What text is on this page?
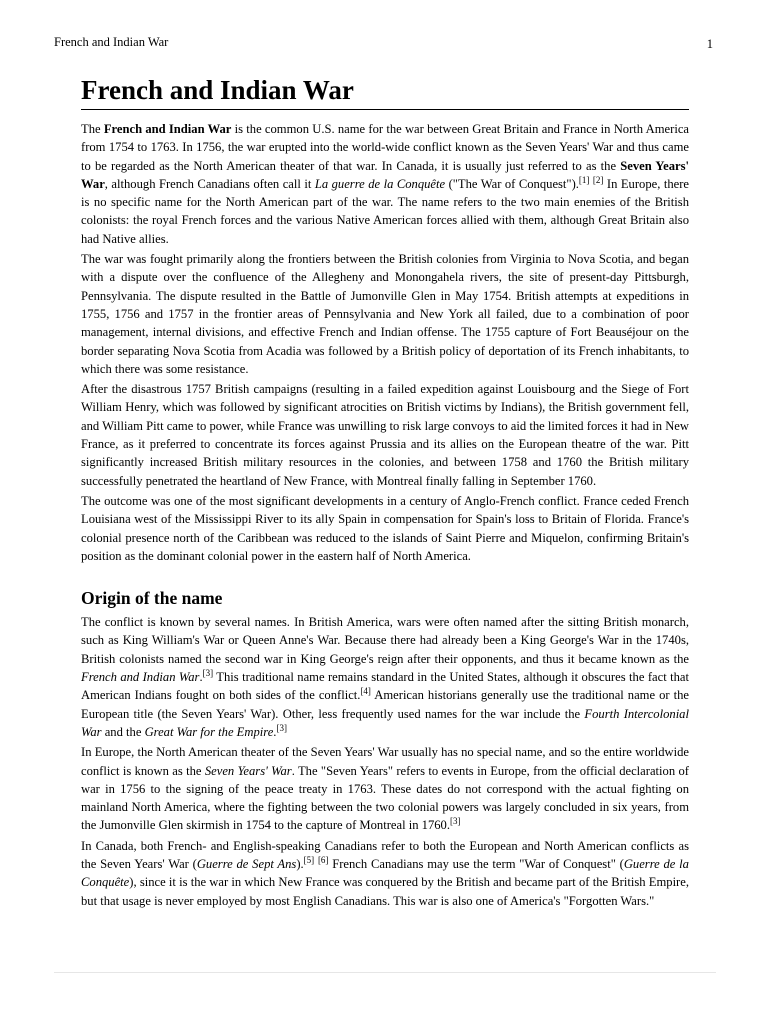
French and Indian War	1
French and Indian War

The French and Indian War is the common U.S. name for the war between Great Britain and France in North America from 1754 to 1763. In 1756, the war erupted into the world-wide conflict known as the Seven Years' War and thus came to be regarded as the North American theater of that war. In Canada, it is usually just referred to as the Seven Years' War, although French Canadians often call it La guerre de la Conquête ("The War of Conquest").[1] [2] In Europe, there is no specific name for the North American part of the war. The name refers to the two main enemies of the British colonists: the royal French forces and the various Native American forces allied with them, although Great Britain also had Native allies.

The war was fought primarily along the frontiers between the British colonies from Virginia to Nova Scotia, and began with a dispute over the confluence of the Allegheny and Monongahela rivers, the site of present-day Pittsburgh, Pennsylvania. The dispute resulted in the Battle of Jumonville Glen in May 1754. British attempts at expeditions in 1755, 1756 and 1757 in the frontier areas of Pennsylvania and New York all failed, due to a combination of poor management, internal divisions, and effective French and Indian offense. The 1755 capture of Fort Beauséjour on the border separating Nova Scotia from Acadia was followed by a British policy of deportation of its French inhabitants, to which there was some resistance.

After the disastrous 1757 British campaigns (resulting in a failed expedition against Louisbourg and the Siege of Fort William Henry, which was followed by significant atrocities on British victims by Indians), the British government fell, and William Pitt came to power, while France was unwilling to risk large convoys to aid the limited forces it had in New France, as it preferred to concentrate its forces against Prussia and its allies on the European theatre of the war. Pitt significantly increased British military resources in the colonies, and between 1758 and 1760 the British military successfully penetrated the heartland of New France, with Montreal finally falling in September 1760.

The outcome was one of the most significant developments in a century of Anglo-French conflict. France ceded French Louisiana west of the Mississippi River to its ally Spain in compensation for Spain's loss to Britain of Florida. France's colonial presence north of the Caribbean was reduced to the islands of Saint Pierre and Miquelon, confirming Britain's position as the dominant colonial power in the eastern half of North America.

Origin of the name

The conflict is known by several names. In British America, wars were often named after the sitting British monarch, such as King William's War or Queen Anne's War. Because there had already been a King George's War in the 1740s, British colonists named the second war in King George's reign after their opponents, and thus it became known as the French and Indian War.[3] This traditional name remains standard in the United States, although it obscures the fact that American Indians fought on both sides of the conflict.[4] American historians generally use the traditional name or the European title (the Seven Years' War). Other, less frequently used names for the war include the Fourth Intercolonial War and the Great War for the Empire.[3]

In Europe, the North American theater of the Seven Years' War usually has no special name, and so the entire worldwide conflict is known as the Seven Years' War. The "Seven Years" refers to events in Europe, from the official declaration of war in 1756 to the signing of the peace treaty in 1763. These dates do not correspond with the actual fighting on mainland North America, where the fighting between the two colonial powers was largely concluded in six years, from the Jumonville Glen skirmish in 1754 to the capture of Montreal in 1760.[3]

In Canada, both French- and English-speaking Canadians refer to both the European and North American conflicts as the Seven Years' War (Guerre de Sept Ans).[5] [6] French Canadians may use the term "War of Conquest" (Guerre de la Conquête), since it is the war in which New France was conquered by the British and became part of the British Empire, but that usage is never employed by most English Canadians. This war is also one of America's "Forgotten Wars."
